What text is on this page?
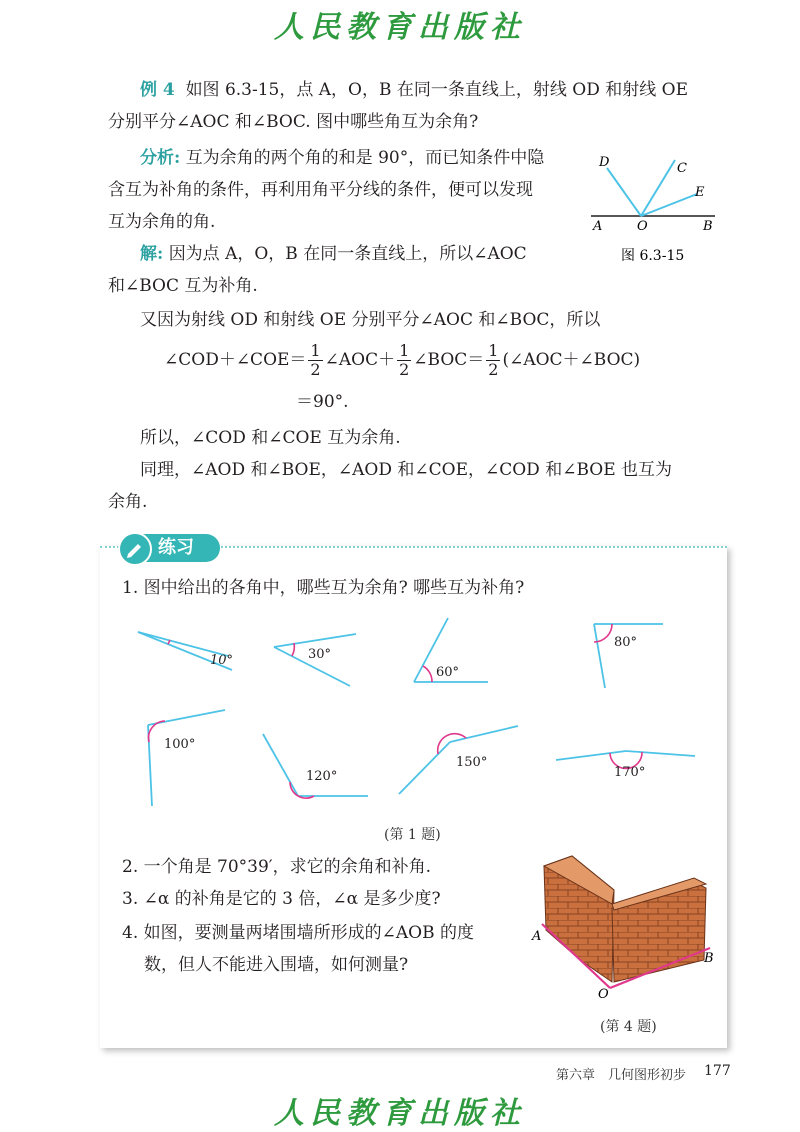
人民教育出版社
例 4 如图 6.3-15，点 A，O，B 在同一条直线上，射线 OD 和射线 OE
分别平分∠AOC 和∠BOC. 图中哪些角互为余角?
分析: 互为余角的两个角的和是 90°，而已知条件中隐
含互为补角的条件，再利用角平分线的条件，便可以发现
互为余角的角.
解: 因为点 A，O，B 在同一条直线上，所以∠AOC
和∠BOC 互为补角.
又因为射线 OD 和射线 OE 分别平分∠AOC 和∠BOC，所以
∠COD＋∠COE＝ $\frac{1}{2}$ ∠AOC＋ $\frac{1}{2}$ ∠BOC＝ $\frac{1}{2}$ (∠AOC＋∠BOC)
＝90°.
所以，∠COD 和∠COE 互为余角.
同理，∠AOD 和∠BOE，∠AOD 和∠COE，∠COD 和∠BOE 也互为
余角.
D	C
E
A	O	B
图 6.3-15
练习
1. 图中给出的各角中，哪些互为余角? 哪些互为补角?
10°	30°
60°
80°
100°
120°
150°
170°
(第 1 题)
2. 一个角是 70°39′，求它的余角和补角.
3. ∠α 的补角是它的 3 倍，∠α 是多少度?
4. 如图，要测量两堵围墙所形成的∠AOB 的度
数，但人不能进入围墙，如何测量?
A
B
O
(第 4 题)
第六章　几何图形初步 177
人民教育出版社
